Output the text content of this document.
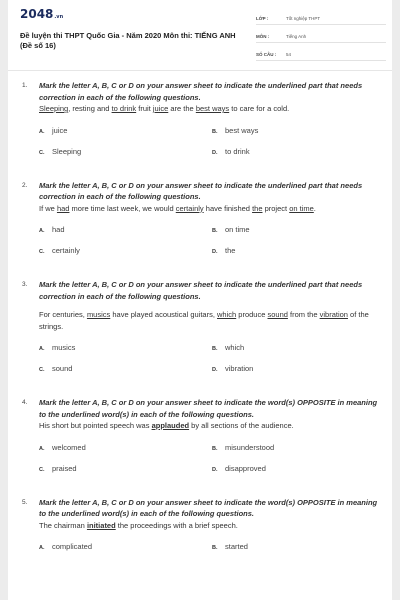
2048.vn
Đề luyện thi THPT Quốc Gia - Năm 2020 Môn thi: TIẾNG ANH (Đề số 16)
LỚP :	Tốt nghiệp THPT
MÔN :	Tiếng Anh
SỐ CÂU :	54
1. Mark the letter A, B, C or D on your answer sheet to indicate the underlined part that needs correction in each of the following questions.
Sleeping, resting and to drink fruit juice are the best ways to care for a cold.
A. juice	B. best ways
C. Sleeping	D. to drink
2. Mark the letter A, B, C or D on your answer sheet to indicate the underlined part that needs correction in each of the following questions.
If we had more time last week, we would certainly have finished the project on time.
A. had	B. on time
C. certainly	D. the
3. Mark the letter A, B, C or D on your answer sheet to indicate the underlined part that needs correction in each of the following questions.
For centuries, musics have played acoustical guitars, which produce sound from the vibration of the strings.
A. musics	B. which
C. sound	D. vibration
4. Mark the letter A, B, C or D on your answer sheet to indicate the word(s) OPPOSITE in meaning to the underlined word(s) in each of the following questions.
His short but pointed speech was applauded by all sections of the audience.
A. welcomed	B. misunderstood
C. praised	D. disapproved
5. Mark the letter A, B, C or D on your answer sheet to indicate the word(s) OPPOSITE in meaning to the underlined word(s) in each of the following questions.
The chairman initiated the proceedings with a brief speech.
A. complicated	B. started
